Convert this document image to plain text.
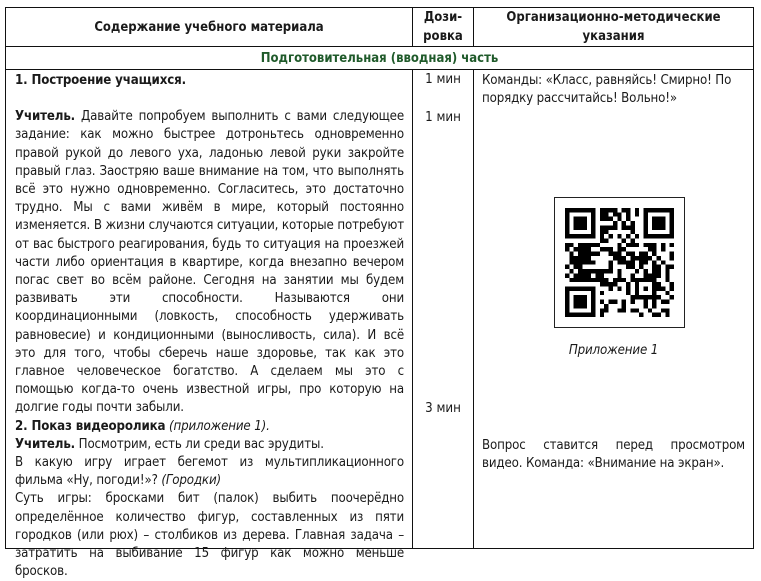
Содержание учебного материала
Дози-
ровка
Организационно-методические
указания
Подготовительная (вводная) часть

1. Построение учащихся.

Учитель. Давайте попробуем выполнить с вами следующее задание: как можно быстрее дотроньтесь одновременно правой рукой до левого уха, ладонью левой руки закройте правый глаз. Заостряю ваше внимание на том, что выполнять всё это нужно одновременно. Согласитесь, это достаточно трудно. Мы с вами живём в мире, который постоянно изменяется. В жизни случаются ситуации, которые потребуют от вас быстрого реагирования, будь то ситуация на проезжей части либо ориентация в квартире, когда внезапно вечером погас свет во всём районе. Сегодня на занятии мы будем развивать эти способности. Называются они координационными (ловкость, способность удерживать равновесие) и кондиционными (выносливость, сила). И всё это для того, чтобы сберечь наше здоровье, так как это главное человеческое богатство. А сделаем мы это с помощью когда-то очень известной игры, про которую на долгие годы почти забыли.

2. Показ видеоролика (приложение 1).

Учитель. Посмотрим, есть ли среди вас эрудиты.

В какую игру играет бегемот из мультипликационного фильма «Ну, погоди!»? (Городки)

Суть игры: бросками бит (палок) выбить поочерёдно определённое количество фигур, составленных из пяти городков (или рюх) – столбиков из дерева. Главная задача – затратить на выбивание 15 фигур как можно меньше бросков.

1 мин
1 мин
3 мин

Команды: «Класс, равняйсь! Смирно! По порядку рассчитайсь! Вольно!»

Приложение 1
Вопрос ставится перед просмотром видео. Команда: «Внимание на экран».
